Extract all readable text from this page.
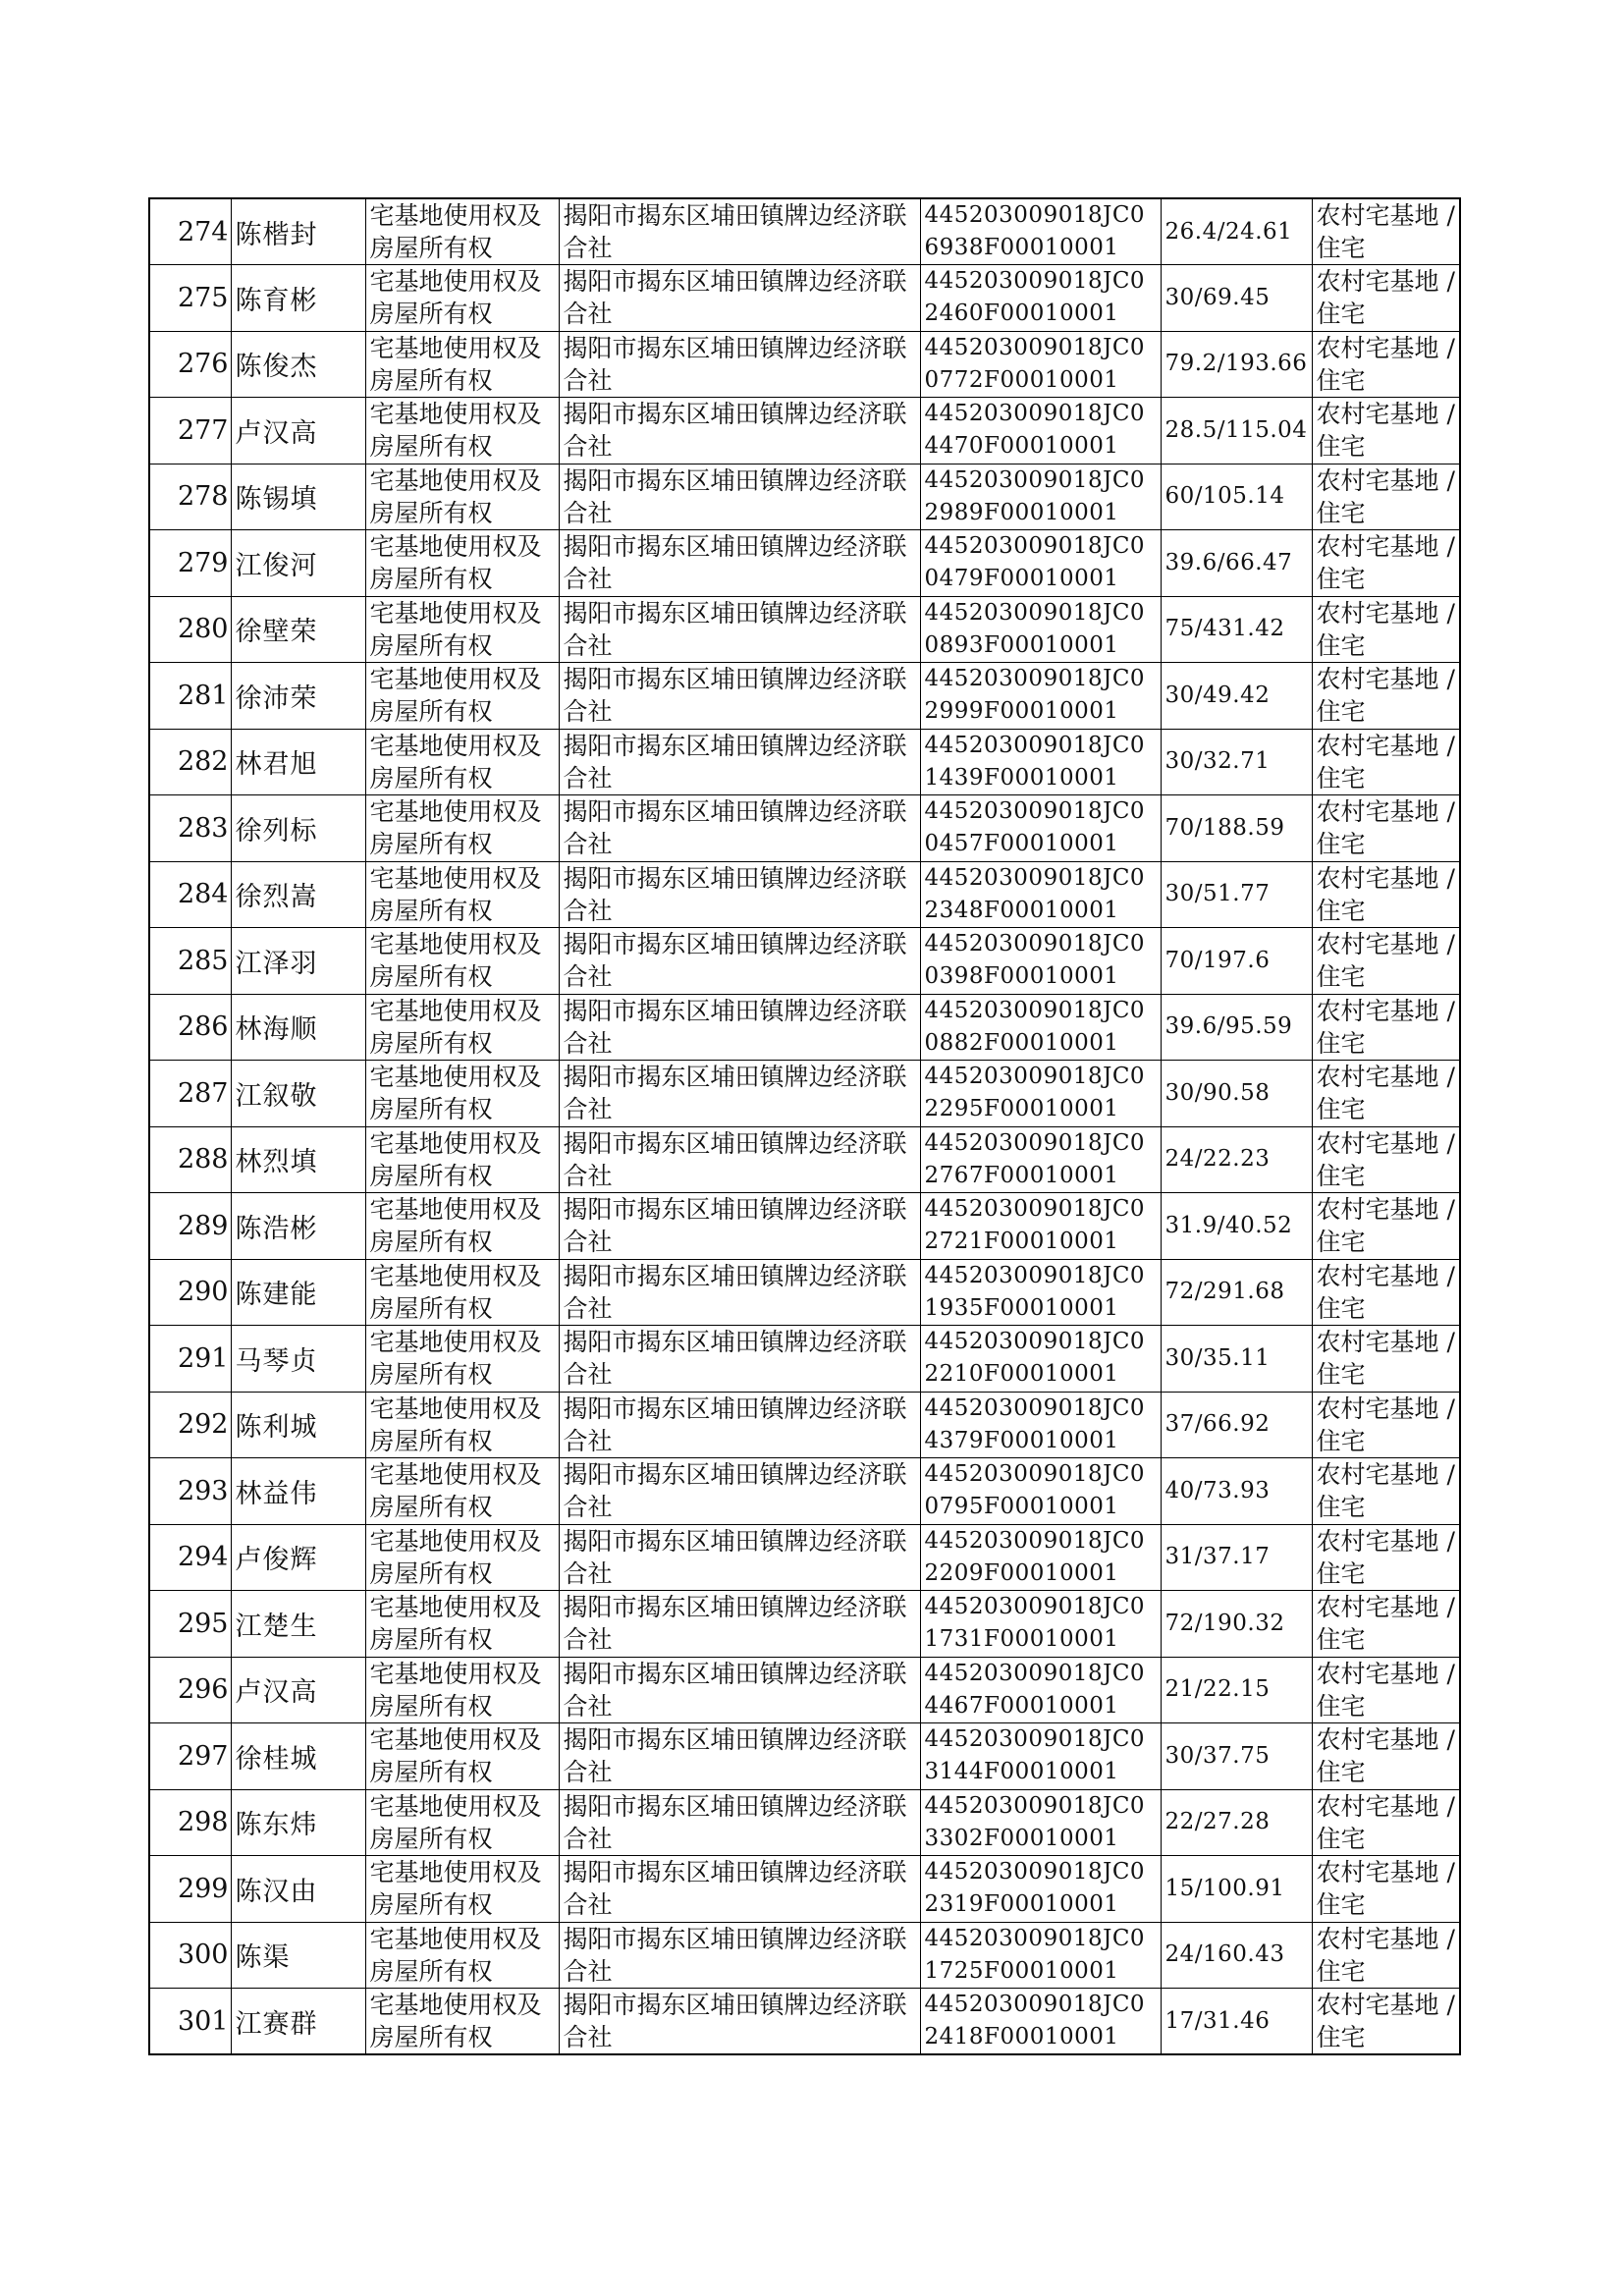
274	陈楷封	宅基地使用权及房屋所有权	揭阳市揭东区埔田镇牌边经济联合社	445203009018JC06938F00010001	26.4/24.61	农村宅基地 / 住宅
275	陈育彬	宅基地使用权及房屋所有权	揭阳市揭东区埔田镇牌边经济联合社	445203009018JC02460F00010001	30/69.45	农村宅基地 / 住宅
276	陈俊杰	宅基地使用权及房屋所有权	揭阳市揭东区埔田镇牌边经济联合社	445203009018JC00772F00010001	79.2/193.66	农村宅基地 / 住宅
277	卢汉高	宅基地使用权及房屋所有权	揭阳市揭东区埔田镇牌边经济联合社	445203009018JC04470F00010001	28.5/115.04	农村宅基地 / 住宅
278	陈锡填	宅基地使用权及房屋所有权	揭阳市揭东区埔田镇牌边经济联合社	445203009018JC02989F00010001	60/105.14	农村宅基地 / 住宅
279	江俊河	宅基地使用权及房屋所有权	揭阳市揭东区埔田镇牌边经济联合社	445203009018JC00479F00010001	39.6/66.47	农村宅基地 / 住宅
280	徐壁荣	宅基地使用权及房屋所有权	揭阳市揭东区埔田镇牌边经济联合社	445203009018JC00893F00010001	75/431.42	农村宅基地 / 住宅
281	徐沛荣	宅基地使用权及房屋所有权	揭阳市揭东区埔田镇牌边经济联合社	445203009018JC02999F00010001	30/49.42	农村宅基地 / 住宅
282	林君旭	宅基地使用权及房屋所有权	揭阳市揭东区埔田镇牌边经济联合社	445203009018JC01439F00010001	30/32.71	农村宅基地 / 住宅
283	徐列标	宅基地使用权及房屋所有权	揭阳市揭东区埔田镇牌边经济联合社	445203009018JC00457F00010001	70/188.59	农村宅基地 / 住宅
284	徐烈嵩	宅基地使用权及房屋所有权	揭阳市揭东区埔田镇牌边经济联合社	445203009018JC02348F00010001	30/51.77	农村宅基地 / 住宅
285	江泽羽	宅基地使用权及房屋所有权	揭阳市揭东区埔田镇牌边经济联合社	445203009018JC00398F00010001	70/197.6	农村宅基地 / 住宅
286	林海顺	宅基地使用权及房屋所有权	揭阳市揭东区埔田镇牌边经济联合社	445203009018JC00882F00010001	39.6/95.59	农村宅基地 / 住宅
287	江叙敬	宅基地使用权及房屋所有权	揭阳市揭东区埔田镇牌边经济联合社	445203009018JC02295F00010001	30/90.58	农村宅基地 / 住宅
288	林烈填	宅基地使用权及房屋所有权	揭阳市揭东区埔田镇牌边经济联合社	445203009018JC02767F00010001	24/22.23	农村宅基地 / 住宅
289	陈浩彬	宅基地使用权及房屋所有权	揭阳市揭东区埔田镇牌边经济联合社	445203009018JC02721F00010001	31.9/40.52	农村宅基地 / 住宅
290	陈建能	宅基地使用权及房屋所有权	揭阳市揭东区埔田镇牌边经济联合社	445203009018JC01935F00010001	72/291.68	农村宅基地 / 住宅
291	马琴贞	宅基地使用权及房屋所有权	揭阳市揭东区埔田镇牌边经济联合社	445203009018JC02210F00010001	30/35.11	农村宅基地 / 住宅
292	陈利城	宅基地使用权及房屋所有权	揭阳市揭东区埔田镇牌边经济联合社	445203009018JC04379F00010001	37/66.92	农村宅基地 / 住宅
293	林益伟	宅基地使用权及房屋所有权	揭阳市揭东区埔田镇牌边经济联合社	445203009018JC00795F00010001	40/73.93	农村宅基地 / 住宅
294	卢俊辉	宅基地使用权及房屋所有权	揭阳市揭东区埔田镇牌边经济联合社	445203009018JC02209F00010001	31/37.17	农村宅基地 / 住宅
295	江楚生	宅基地使用权及房屋所有权	揭阳市揭东区埔田镇牌边经济联合社	445203009018JC01731F00010001	72/190.32	农村宅基地 / 住宅
296	卢汉高	宅基地使用权及房屋所有权	揭阳市揭东区埔田镇牌边经济联合社	445203009018JC04467F00010001	21/22.15	农村宅基地 / 住宅
297	徐桂城	宅基地使用权及房屋所有权	揭阳市揭东区埔田镇牌边经济联合社	445203009018JC03144F00010001	30/37.75	农村宅基地 / 住宅
298	陈东炜	宅基地使用权及房屋所有权	揭阳市揭东区埔田镇牌边经济联合社	445203009018JC03302F00010001	22/27.28	农村宅基地 / 住宅
299	陈汉由	宅基地使用权及房屋所有权	揭阳市揭东区埔田镇牌边经济联合社	445203009018JC02319F00010001	15/100.91	农村宅基地 / 住宅
300	陈渠	宅基地使用权及房屋所有权	揭阳市揭东区埔田镇牌边经济联合社	445203009018JC01725F00010001	24/160.43	农村宅基地 / 住宅
301	江赛群	宅基地使用权及房屋所有权	揭阳市揭东区埔田镇牌边经济联合社	445203009018JC02418F00010001	17/31.46	农村宅基地 / 住宅
